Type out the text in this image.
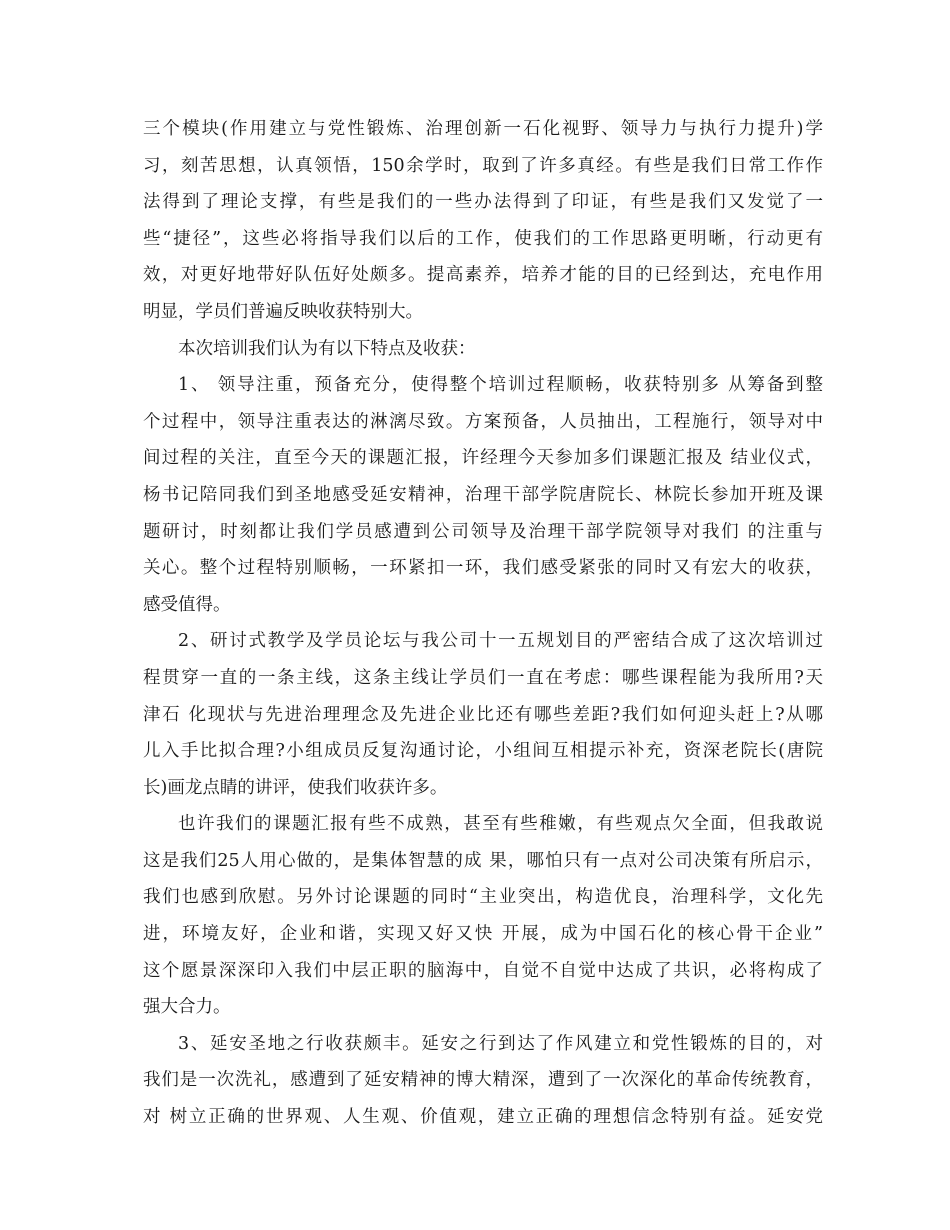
三个模块(作用建立与党性锻炼、治理创新一石化视野、领导力与执行力提升)学
习，刻苦思想，认真领悟，150余学时，取到了许多真经。有些是我们日常工作作
法得到了理论支撑，有些是我们的一些办法得到了印证，有些是我们又发觉了一
些“捷径”，这些必将指导我们以后的工作，使我们的工作思路更明晰，行动更有
效，对更好地带好队伍好处颇多。提高素养，培养才能的目的已经到达，充电作用
明显，学员们普遍反映收获特别大。

本次培训我们认为有以下特点及收获：

1、 领导注重，预备充分，使得整个培训过程顺畅，收获特别多 从筹备到整
个过程中，领导注重表达的淋漓尽致。方案预备，人员抽出，工程施行，领导对中
间过程的关注，直至今天的课题汇报，许经理今天参加多们课题汇报及 结业仪式，
杨书记陪同我们到圣地感受延安精神，治理干部学院唐院长、林院长参加开班及课
题研讨，时刻都让我们学员感遭到公司领导及治理干部学院领导对我们 的注重与
关心。整个过程特别顺畅，一环紧扣一环，我们感受紧张的同时又有宏大的收获，
感受值得。

2、研讨式教学及学员论坛与我公司十一五规划目的严密结合成了这次培训过
程贯穿一直的一条主线，这条主线让学员们一直在考虑：哪些课程能为我所用?天
津石 化现状与先进治理理念及先进企业比还有哪些差距?我们如何迎头赶上?从哪
儿入手比拟合理?小组成员反复沟通讨论，小组间互相提示补充，资深老院长(唐院
长)画龙点睛的讲评，使我们收获许多。

也许我们的课题汇报有些不成熟，甚至有些稚嫩，有些观点欠全面，但我敢说
这是我们25人用心做的，是集体智慧的成 果，哪怕只有一点对公司决策有所启示，
我们也感到欣慰。另外讨论课题的同时“主业突出，构造优良，治理科学，文化先
进，环境友好，企业和谐，实现又好又快 开展，成为中国石化的核心骨干企业”
这个愿景深深印入我们中层正职的脑海中，自觉不自觉中达成了共识，必将构成了
强大合力。

3、延安圣地之行收获颇丰。延安之行到达了作风建立和党性锻炼的目的，对
我们是一次洗礼，感遭到了延安精神的博大精深，遭到了一次深化的革命传统教育，
对 树立正确的世界观、人生观、价值观，建立正确的理想信念特别有益。延安党
